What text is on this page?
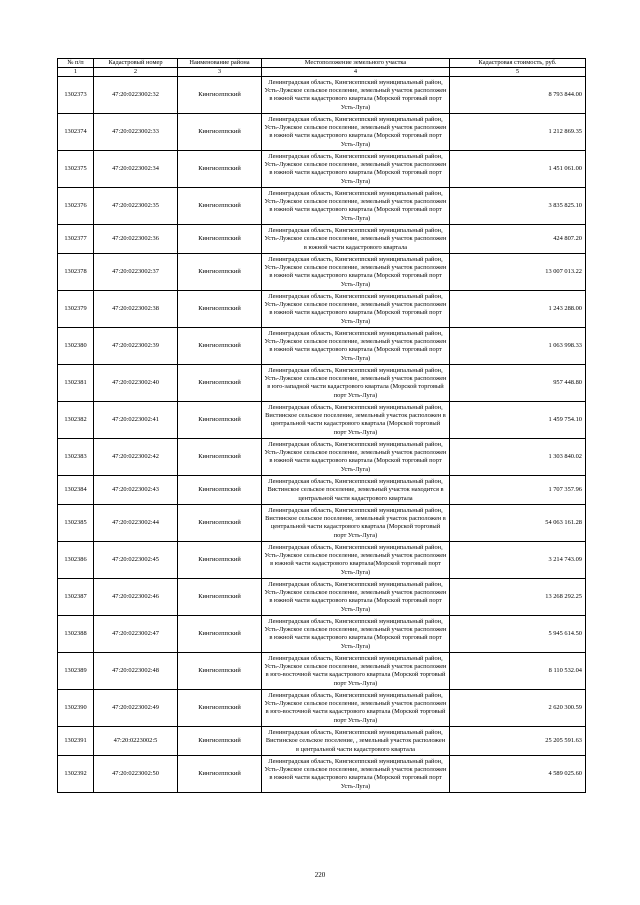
№ п/п	Кадастровый номер	Наименование района	Местоположение земельного участка	Кадастровая стоимость, руб.
1	2	3	4	5
1302373	47:20:0223002:32	Кингисеппский	Ленинградская область, Кингисеппский муниципальный район, Усть-Лужское сельское поселение, земельный участок расположен в южной части кадастрового квартала (Морской торговый порт Усть-Луга)	8 793 844.00
1302374	47:20:0223002:33	Кингисеппский	Ленинградская область, Кингисеппский муниципальный район, Усть-Лужское сельское поселение, земельный участок расположен в южной части кадастрового квартала (Морской торговый порт Усть-Луга)	1 212 869.35
1302375	47:20:0223002:34	Кингисеппский	Ленинградская область, Кингисеппский муниципальный район, Усть-Лужское сельское поселение, земельный участок расположен в южной части кадастрового квартала (Морской торговый порт Усть-Луга)	1 451 061.00
1302376	47:20:0223002:35	Кингисеппский	Ленинградская область, Кингисеппский муниципальный район, Усть-Лужское сельское поселение, земельный участок расположен в южной части кадастрового квартала (Морской торговый порт Усть-Луга)	3 835 825.10
1302377	47:20:0223002:36	Кингисеппский	Ленинградская область, Кингисеппский муниципальный район, Усть-Лужское сельское поселение, земельный участок расположен в южной части кадастрового квартала	424 807.20
1302378	47:20:0223002:37	Кингисеппский	Ленинградская область, Кингисеппский муниципальный район, Усть-Лужское сельское поселение, земельный участок расположен в южной части кадастрового квартала (Морской торговый порт Усть-Луга)	13 007 013.22
1302379	47:20:0223002:38	Кингисеппский	Ленинградская область, Кингисеппский муниципальный район, Усть-Лужское сельское поселение, земельный участок расположен в южной части кадастрового квартала (Морской торговый порт Усть-Луга)	1 243 288.00
1302380	47:20:0223002:39	Кингисеппский	Ленинградская область, Кингисеппский муниципальный район, Усть-Лужское сельское поселение, земельный участок расположен в южной части кадастрового квартала (Морской торговый порт Усть-Луга)	1 063 998.33
1302381	47:20:0223002:40	Кингисеппский	Ленинградская область, Кингисеппский муниципальный район, Усть-Лужское сельское поселение, земельный участок расположен в юго-западной части кадастрового квартала (Морской торговый порт Усть-Луга)	957 448.80
1302382	47:20:0223002:41	Кингисеппский	Ленинградская область, Кингисеппский муниципальный район, Вистинское сельское поселение, земельный участок расположен в центральной части кадастрового квартала (Морской торговый порт Усть-Луга)	1 459 754.10
1302383	47:20:0223002:42	Кингисеппский	Ленинградская область, Кингисеппский муниципальный район, Усть-Лужское сельское поселение, земельный участок расположен в южной части кадастрового квартала (Морской торговый порт Усть-Луга)	1 303 840.02
1302384	47:20:0223002:43	Кингисеппский	Ленинградская область, Кингисеппский муниципальный район, Вистинское сельское поселение, земельный участок находится в центральной части кадастрового квартала	1 707 357.96
1302385	47:20:0223002:44	Кингисеппский	Ленинградская область, Кингисеппский муниципальный район, Вистинское сельское поселение, земельный участок расположен в центральной части кадастрового квартала (Морской торговый порт Усть-Луга)	54 063 161.28
1302386	47:20:0223002:45	Кингисеппский	Ленинградская область, Кингисеппский муниципальный район, Усть-Лужское сельское поселение, земельный участок расположен в южной части кадастрового квартала(Морской торговый порт Усть-Луга)	3 214 743.09
1302387	47:20:0223002:46	Кингисеппский	Ленинградская область, Кингисеппский муниципальный район, Усть-Лужское сельское поселение, земельный участок расположен в южной части кадастрового квартала (Морской торговый порт Усть-Луга)	13 268 292.25
1302388	47:20:0223002:47	Кингисеппский	Ленинградская область, Кингисеппский муниципальный район, Усть-Лужское сельское поселение, земельный участок расположен в южной части кадастрового квартала (Морской торговый порт Усть-Луга)	5 945 614.50
1302389	47:20:0223002:48	Кингисеппский	Ленинградская область, Кингисеппский муниципальный район, Усть-Лужское сельское поселение, земельный участок расположен в юго-восточной части кадастрового квартала (Морской торговый порт Усть-Луга)	8 110 532.04
1302390	47:20:0223002:49	Кингисеппский	Ленинградская область, Кингисеппский муниципальный район, Усть-Лужское сельское поселение, земельный участок расположен в юго-восточной части кадастрового квартала (Морской торговый порт Усть-Луга)	2 620 300.59
1302391	47:20:0223002:5	Кингисеппский	Ленинградская область, Кингисеппский муниципальный район, Вистинское сельское поселение, , земельный участок расположен в центральной части кадастрового квартала	25 205 591.63
1302392	47:20:0223002:50	Кингисеппский	Ленинградская область, Кингисеппский муниципальный район, Усть-Лужское сельское поселение, земельный участок расположен в южной части кадастрового квартала (Морской торговый порт Усть-Луга)	4 589 025.60
220
